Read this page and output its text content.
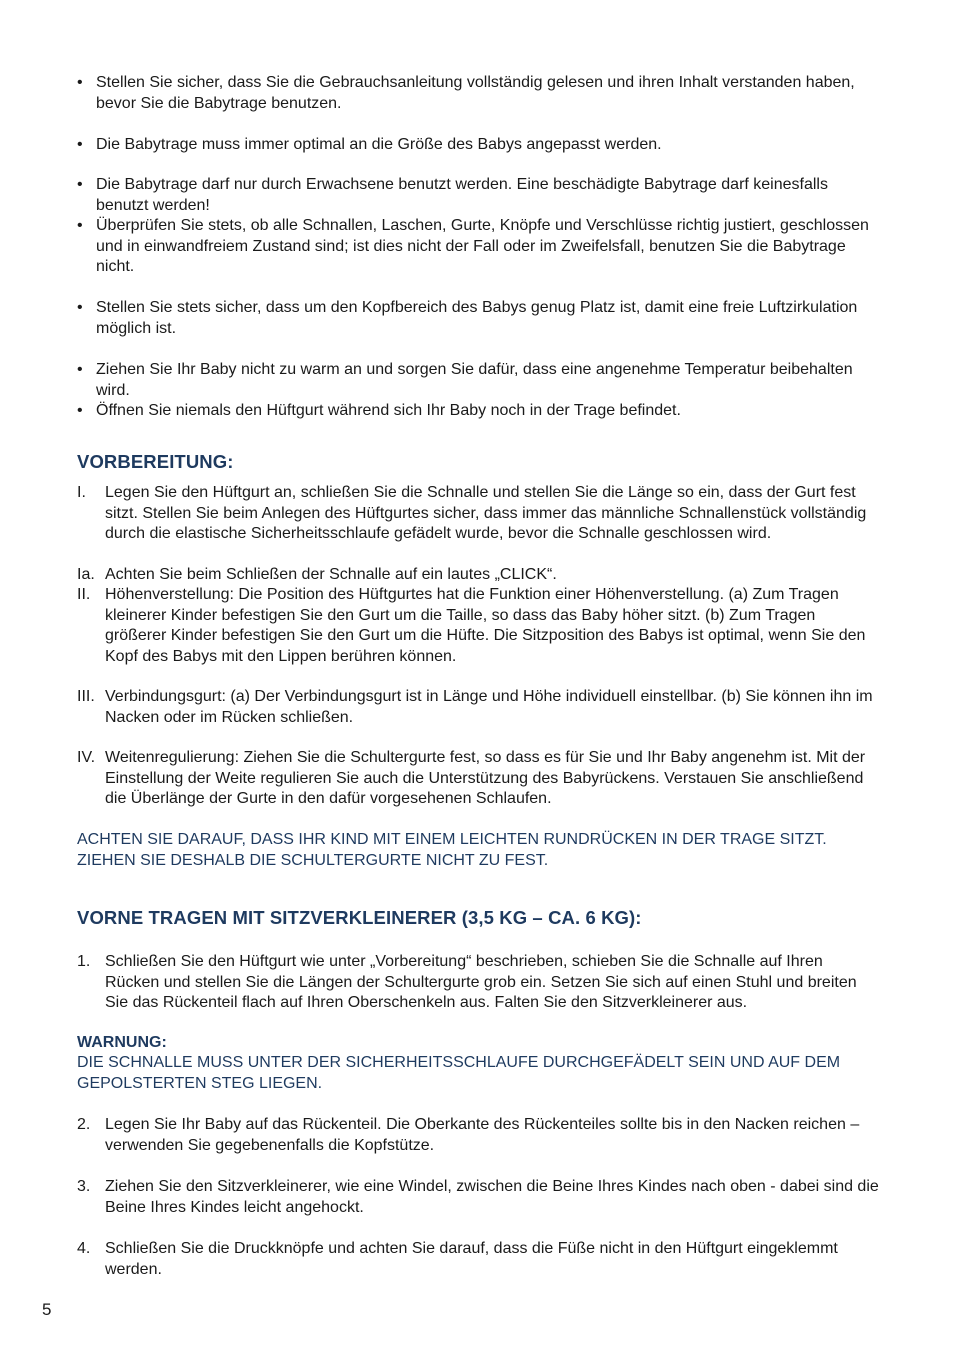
• Stellen Sie sicher, dass Sie die Gebrauchsanleitung vollständig gelesen und ihren Inhalt verstanden haben, bevor Sie die Babytrage benutzen.
• Die Babytrage muss immer optimal an die Größe des Babys angepasst werden.
• Die Babytrage darf nur durch Erwachsene benutzt werden. Eine beschädigte Babytrage darf keinesfalls benutzt werden!
• Überprüfen Sie stets, ob alle Schnallen, Laschen, Gurte, Knöpfe und Verschlüsse richtig justiert, geschlossen und in einwandfreiem Zustand sind; ist dies nicht der Fall oder im Zweifelsfall, benutzen Sie die Babytrage nicht.
• Stellen Sie stets sicher, dass um den Kopfbereich des Babys genug Platz ist, damit eine freie Luftzirkulation möglich ist.
• Ziehen Sie Ihr Baby nicht zu warm an und sorgen Sie dafür, dass eine angenehme Temperatur beibehalten wird.
• Öffnen Sie niemals den Hüftgurt während sich Ihr Baby noch in der Trage befindet.
VORBEREITUNG:
I. Legen Sie den Hüftgurt an, schließen Sie die Schnalle und stellen Sie die Länge so ein, dass der Gurt fest sitzt. Stellen Sie beim Anlegen des Hüftgurtes sicher, dass immer das männliche Schnallenstück vollständig durch die elastische Sicherheitsschlaufe gefädelt wurde, bevor die Schnalle geschlossen wird.
Ia. Achten Sie beim Schließen der Schnalle auf ein lautes „CLICK“.
II. Höhenverstellung: Die Position des Hüftgurtes hat die Funktion einer Höhenverstellung. (a) Zum Tragen kleinerer Kinder befestigen Sie den Gurt um die Taille, so dass das Baby höher sitzt. (b) Zum Tragen größerer Kinder befestigen Sie den Gurt um die Hüfte. Die Sitzposition des Babys ist optimal, wenn Sie den Kopf des Babys mit den Lippen berühren können.
III. Verbindungsgurt: (a) Der Verbindungsgurt ist in Länge und Höhe individuell einstellbar. (b) Sie können ihn im Nacken oder im Rücken schließen.
IV. Weitenregulierung: Ziehen Sie die Schultergurte fest, so dass es für Sie und Ihr Baby angenehm ist. Mit der Einstellung der Weite regulieren Sie auch die Unterstützung des Babyrückens. Verstauen Sie anschließend die Überlänge der Gurte in den dafür vorgesehenen Schlaufen.
ACHTEN SIE DARAUF, DASS IHR KIND MIT EINEM LEICHTEN RUNDRÜCKEN IN DER TRAGE SITZT. ZIEHEN SIE DESHALB DIE SCHULTERGURTE NICHT ZU FEST.
VORNE TRAGEN MIT SITZVERKLEINERER (3,5 KG – CA. 6 KG):
1. Schließen Sie den Hüftgurt wie unter „Vorbereitung“ beschrieben, schieben Sie die Schnalle auf Ihren Rücken und stellen Sie die Längen der Schultergurte grob ein. Setzen Sie sich auf einen Stuhl und breiten Sie das Rückenteil flach auf Ihren Oberschenkeln aus. Falten Sie den Sitzverkleinerer aus.
WARNUNG:
DIE SCHNALLE MUSS UNTER DER SICHERHEITSSCHLAUFE DURCHGEFÄDELT SEIN UND AUF DEM GEPOLSTERTEN STEG LIEGEN.
2. Legen Sie Ihr Baby auf das Rückenteil. Die Oberkante des Rückenteiles sollte bis in den Nacken reichen – verwenden Sie gegebenenfalls die Kopfstütze.
3. Ziehen Sie den Sitzverkleinerer, wie eine Windel, zwischen die Beine Ihres Kindes nach oben - dabei sind die Beine Ihres Kindes leicht angehockt.
4. Schließen Sie die Druckknöpfe und achten Sie darauf, dass die Füße nicht in den Hüftgurt eingeklemmt werden.
5
